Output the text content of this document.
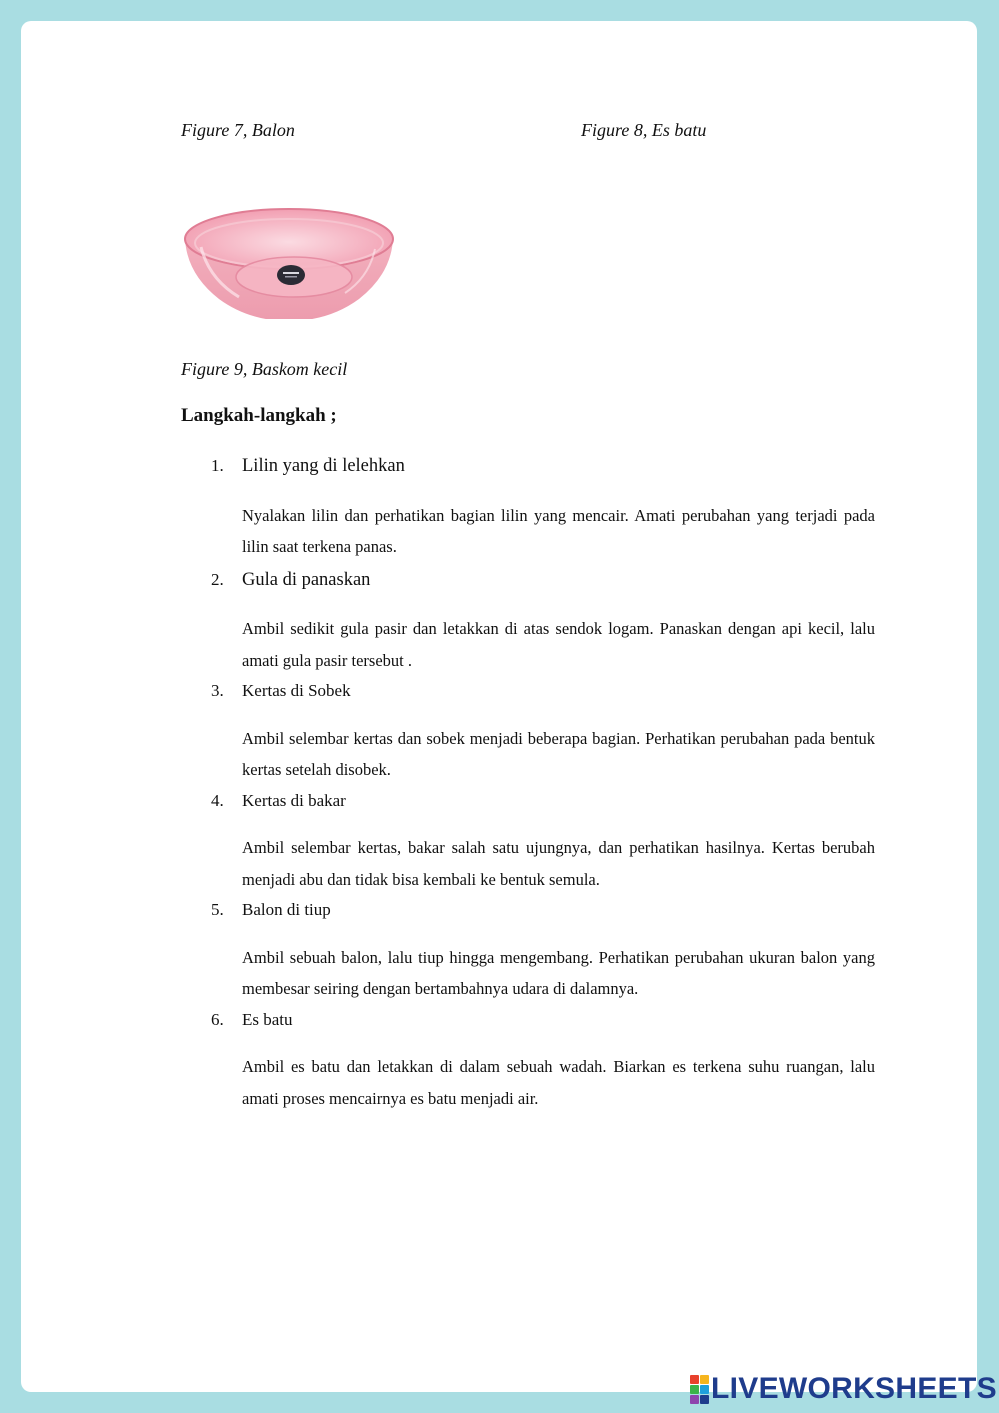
Figure 7, Balon	Figure 8, Es batu
Figure 9, Baskom kecil
Langkah-langkah ;
1. Lilin yang di lelehkan

Nyalakan lilin dan perhatikan bagian lilin yang mencair. Amati perubahan yang terjadi pada lilin saat terkena panas.

2. Gula di panaskan

Ambil sedikit gula pasir dan letakkan di atas sendok logam. Panaskan dengan api kecil, lalu amati gula pasir tersebut .

3.	Kertas di Sobek

Ambil selembar kertas dan sobek menjadi beberapa bagian. Perhatikan perubahan pada bentuk kertas setelah disobek.

4.	Kertas di bakar

Ambil selembar kertas, bakar salah satu ujungnya, dan perhatikan hasilnya. Kertas berubah menjadi abu dan tidak bisa kembali ke bentuk semula.

5.	Balon di tiup

Ambil sebuah balon, lalu tiup hingga mengembang. Perhatikan perubahan ukuran balon yang membesar seiring dengan bertambahnya udara di dalamnya.

6.	Es batu

Ambil es batu dan letakkan di dalam sebuah wadah. Biarkan es terkena suhu ruangan, lalu amati proses mencairnya es batu menjadi air.

LIVEWORKSHEETS
